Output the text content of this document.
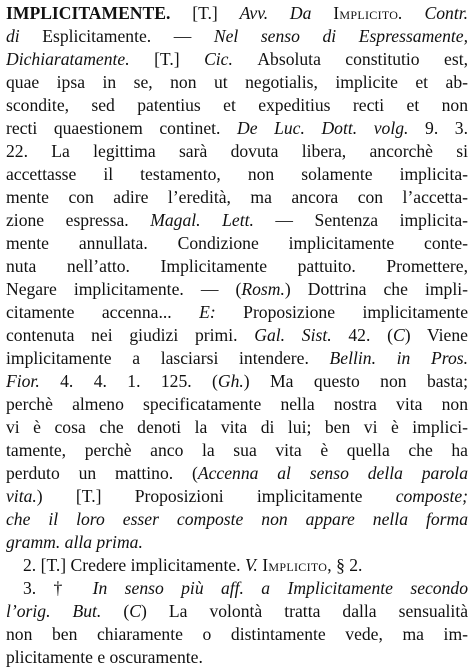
IMPLICITAMENTE. [T.] Avv. Da Implicito. Contr.
di Esplicitamente. — Nel senso di Espressamente,
Dichiaratamente. [T.] Cic. Absoluta constitutio est,
quae ipsa in se, non ut negotialis, implicite et ab-
scondite, sed patentius et expeditius recti et non
recti quaestionem continet. De Luc. Dott. volg. 9. 3.
22. La legittima sarà dovuta libera, ancorchè si
accettasse il testamento, non solamente implicita-
mente con adire l’eredità, ma ancora con l’accetta-
zione espressa. Magal. Lett. — Sentenza implicita-
mente annullata. Condizione implicitamente conte-
nuta nell’atto. Implicitamente pattuito. Promettere,
Negare implicitamente. — (Rosm.) Dottrina che impli-
citamente accenna... E: Proposizione implicitamente
contenuta nei giudizi primi. Gal. Sist. 42. (C) Viene
implicitamente a lasciarsi intendere. Bellin. in Pros.
Fior. 4. 4. 1. 125. (Gh.) Ma questo non basta;
perchè almeno specificatamente nella nostra vita non
vi è cosa che denoti la vita di lui; ben vi è implici-
tamente, perchè anco la sua vita è quella che ha
perduto un mattino. (Accenna al senso della parola
vita.) [T.] Proposizioni implicitamente composte;
che il loro esser composte non appare nella forma
gramm. alla prima.
2. [T.] Credere implicitamente. V. Implicito, § 2.
3. † In senso più aff. a Implicitamente secondo
l’orig. But. (C) La volontà tratta dalla sensualità
non ben chiaramente o distintamente vede, ma im-
plicitamente e oscuramente.
